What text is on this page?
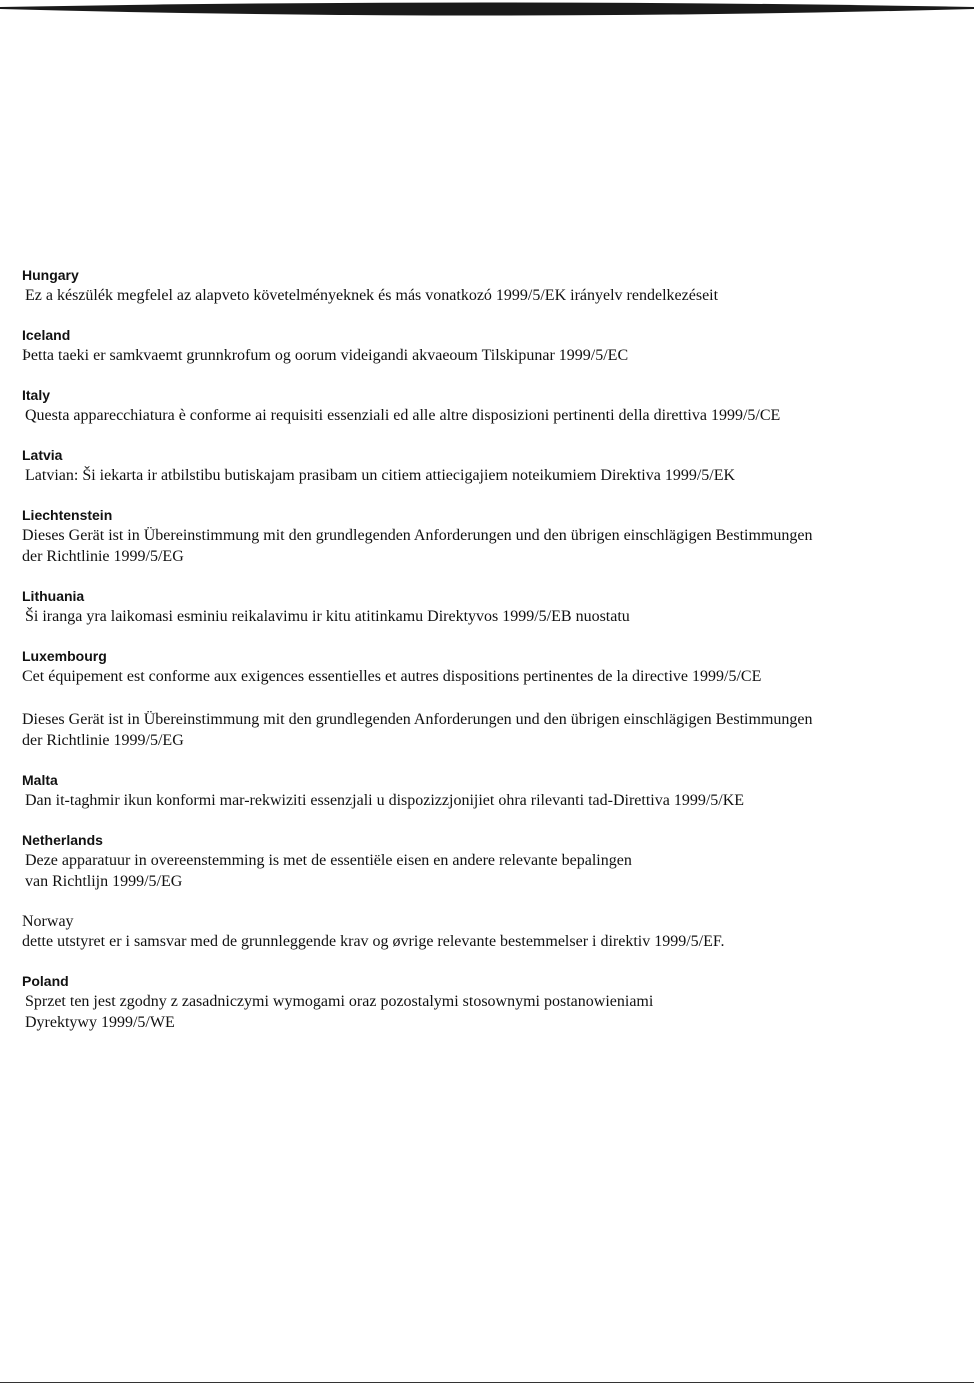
Hungary
Ez a készülék megfelel az alapveto követelményeknek és más vonatkozó 1999/5/EK irányelv rendelkezéseit
Iceland
Þetta taeki er samkvaemt grunnkrofum og oorum videigandi akvaeoum Tilskipunar 1999/5/EC
Italy
Questa apparecchiatura è conforme ai requisiti essenziali ed alle altre disposizioni pertinenti della direttiva 1999/5/CE
Latvia
Latvian: Ši iekarta ir atbilstibu butiskajam prasibam un citiem attiecigajiem noteikumiem Direktiva 1999/5/EK
Liechtenstein
Dieses Gerät ist in Übereinstimmung mit den grundlegenden Anforderungen und den übrigen einschlägigen Bestimmungen
der Richtlinie 1999/5/EG
Lithuania
Ši iranga yra laikomasi esminiu reikalavimu ir kitu atitinkamu Direktyvos 1999/5/EB nuostatu
Luxembourg
Cet équipement est conforme aux exigences essentielles et autres dispositions pertinentes de la directive 1999/5/CE
Dieses Gerät ist in Übereinstimmung mit den grundlegenden Anforderungen und den übrigen einschlägigen Bestimmungen
der Richtlinie 1999/5/EG
Malta
Dan it-taghmir ikun konformi mar-rekwiziti essenzjali u dispozizzjonijiet ohra rilevanti tad-Direttiva 1999/5/KE
Netherlands
Deze apparatuur in overeenstemming is met de essentiële eisen en andere relevante bepalingen
van Richtlijn 1999/5/EG
Norway
dette utstyret er i samsvar med de grunnleggende krav og øvrige relevante bestemmelser i direktiv 1999/5/EF.
Poland
Sprzet ten jest zgodny z zasadniczymi wymogami oraz pozostalymi stosownymi postanowieniami
Dyrektywy 1999/5/WE
